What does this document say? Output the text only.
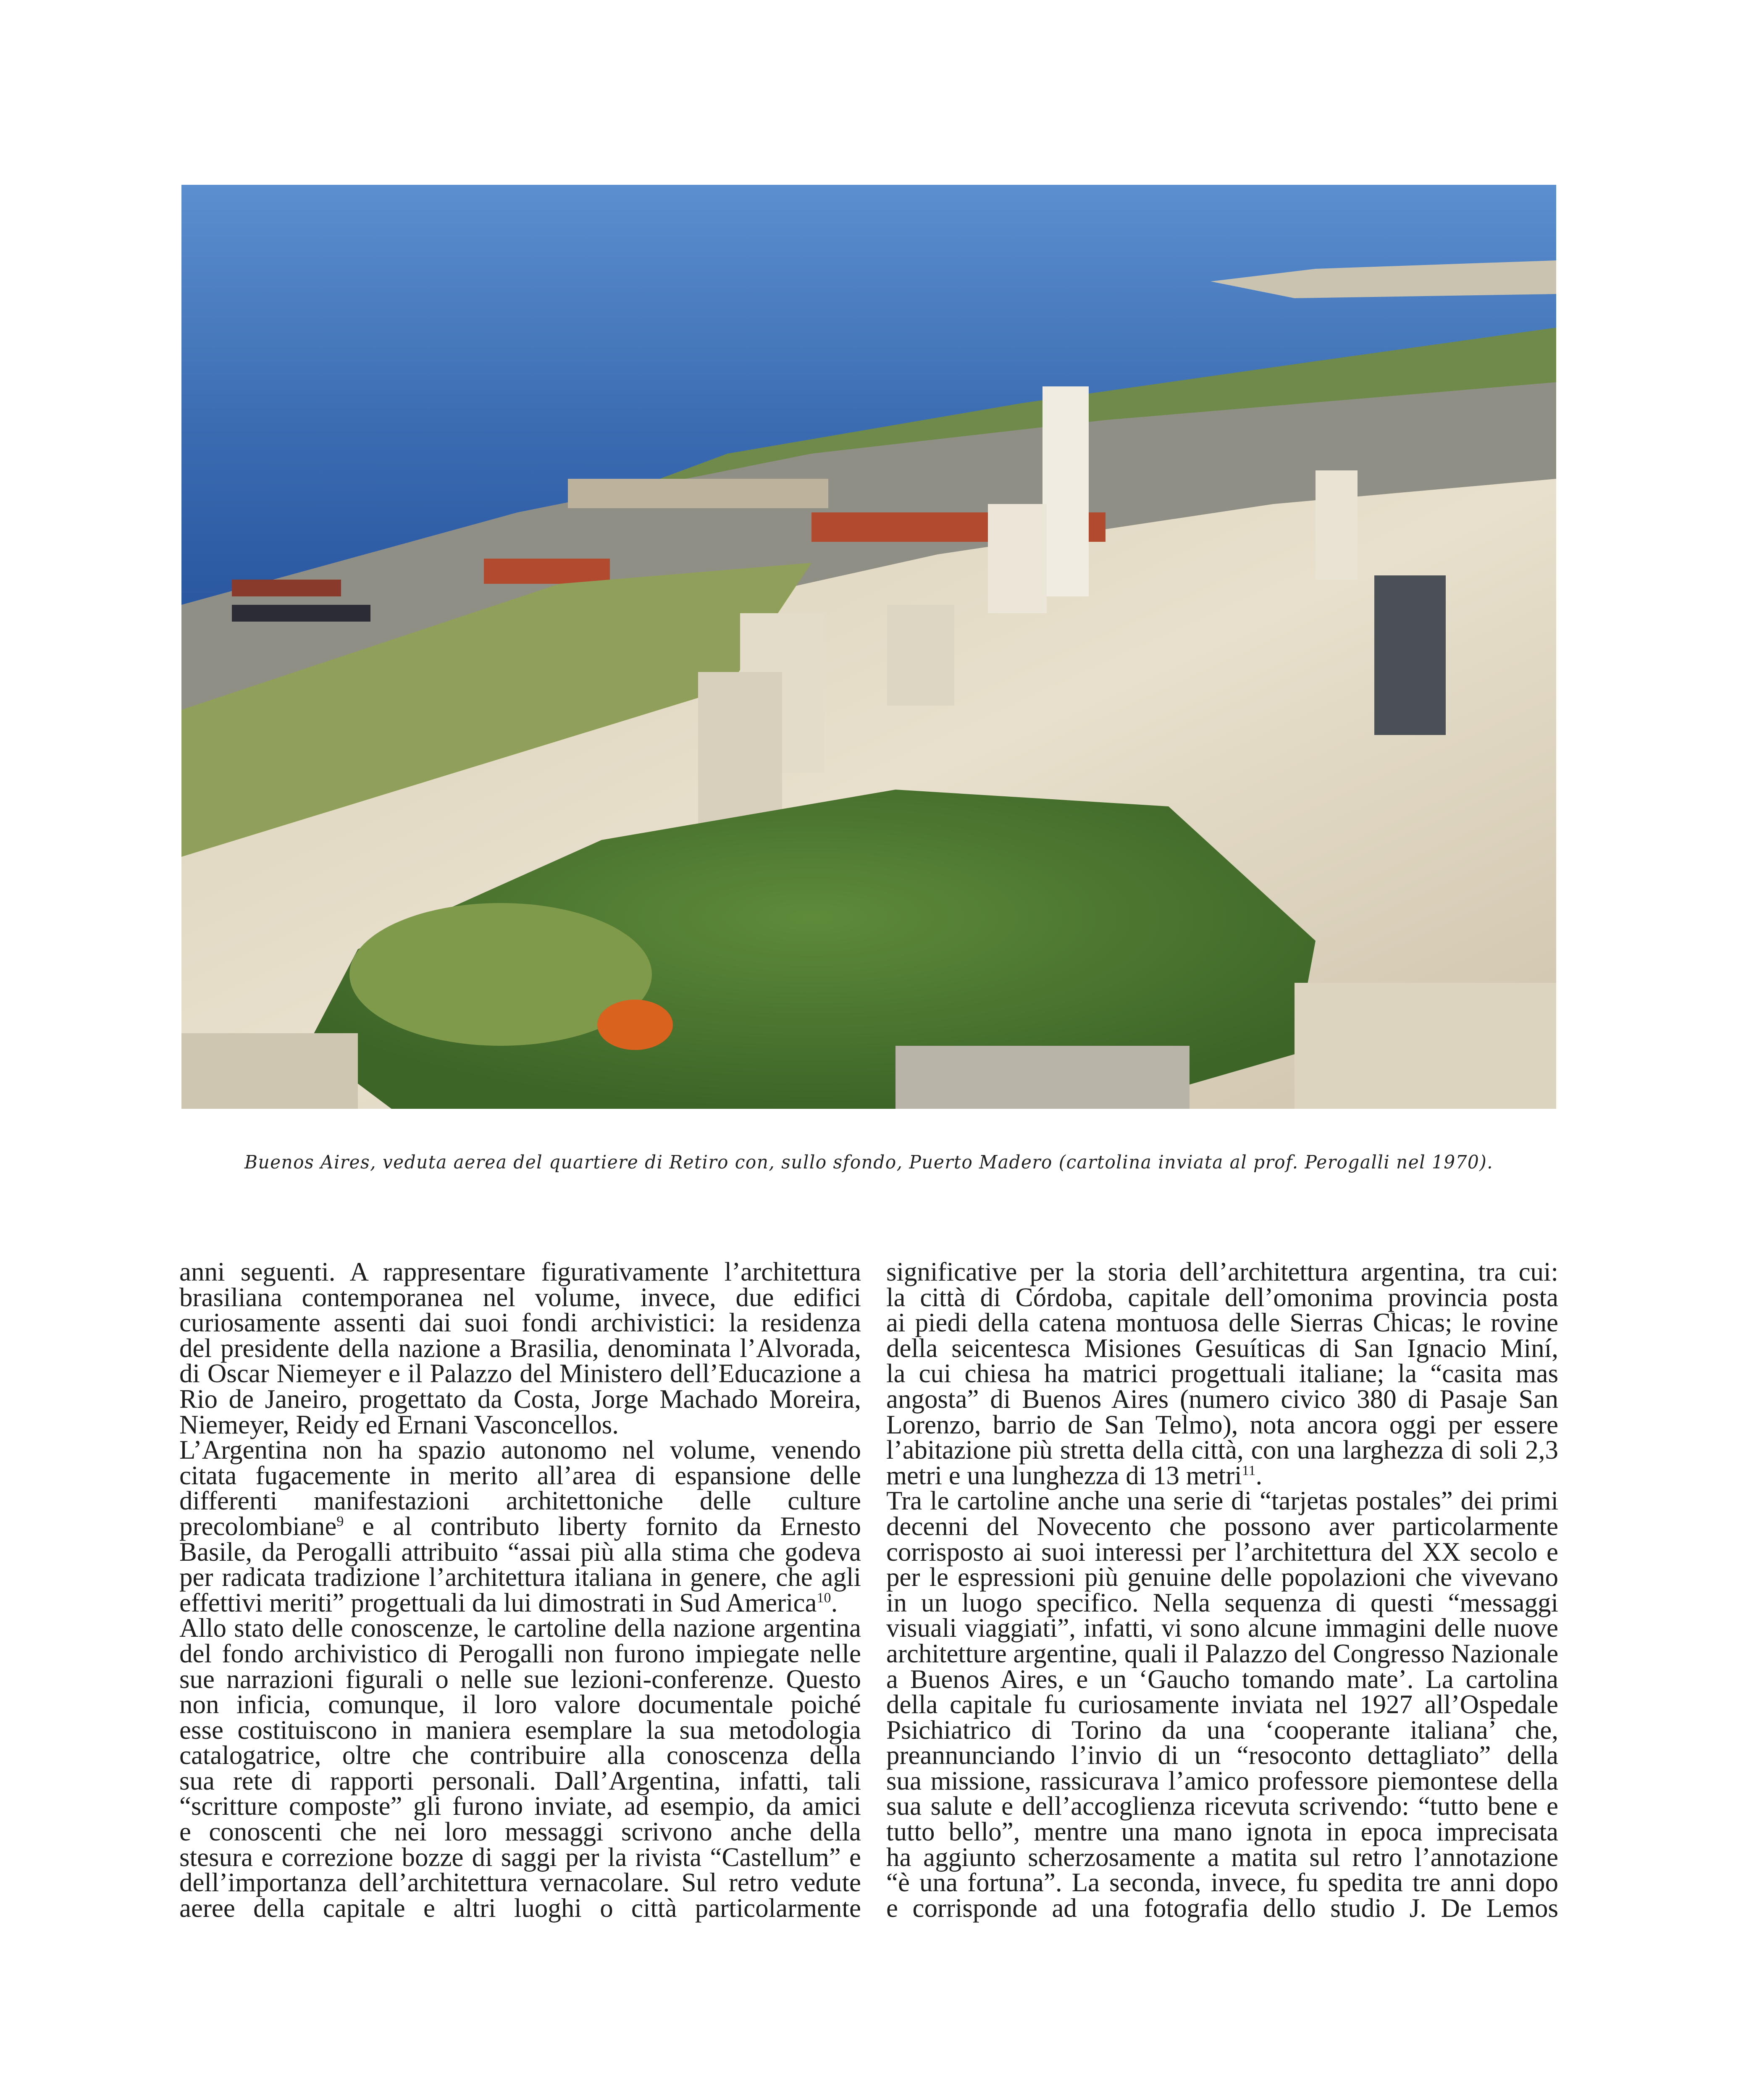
Buenos Aires, veduta aerea del quartiere di Retiro con, sullo sfondo, Puerto Madero (cartolina inviata al prof. Perogalli nel 1970).
anni seguenti. A rappresentare figurativamente l’architettura
brasiliana contemporanea nel volume, invece, due edifici
curiosamente assenti dai suoi fondi archivistici: la residenza
del presidente della nazione a Brasilia, denominata l’Alvorada,
di Oscar Niemeyer e il Palazzo del Ministero dell’Educazione a
Rio de Janeiro, progettato da Costa, Jorge Machado Moreira,
Niemeyer, Reidy ed Ernani Vasconcellos.
L’Argentina non ha spazio autonomo nel volume, venendo
citata fugacemente in merito all’area di espansione delle
differenti manifestazioni architettoniche delle culture
precolombiane$^9$ e al contributo liberty fornito da Ernesto
Basile, da Perogalli attribuito “assai più alla stima che godeva
per radicata tradizione l’architettura italiana in genere, che agli
effettivi meriti” progettuali da lui dimostrati in Sud America$^{10}$.
Allo stato delle conoscenze, le cartoline della nazione argentina
del fondo archivistico di Perogalli non furono impiegate nelle
sue narrazioni figurali o nelle sue lezioni-conferenze. Questo
non inficia, comunque, il loro valore documentale poiché
esse costituiscono in maniera esemplare la sua metodologia
catalogatrice, oltre che contribuire alla conoscenza della
sua rete di rapporti personali. Dall’Argentina, infatti, tali
“scritture composte” gli furono inviate, ad esempio, da amici
e conoscenti che nei loro messaggi scrivono anche della
stesura e correzione bozze di saggi per la rivista “Castellum” e
dell’importanza dell’architettura vernacolare. Sul retro vedute
aeree della capitale e altri luoghi o città particolarmente
significative per la storia dell’architettura argentina, tra cui:
la città di Córdoba, capitale dell’omonima provincia posta
ai piedi della catena montuosa delle Sierras Chicas; le rovine
della seicentesca Misiones Gesuíticas di San Ignacio Miní,
la cui chiesa ha matrici progettuali italiane; la “casita mas
angosta” di Buenos Aires (numero civico 380 di Pasaje San
Lorenzo, barrio de San Telmo), nota ancora oggi per essere
l’abitazione più stretta della città, con una larghezza di soli 2,3
metri e una lunghezza di 13 metri$^{11}$.
Tra le cartoline anche una serie di “tarjetas postales” dei primi
decenni del Novecento che possono aver particolarmente
corrisposto ai suoi interessi per l’architettura del XX secolo e
per le espressioni più genuine delle popolazioni che vivevano
in un luogo specifico. Nella sequenza di questi “messaggi
visuali viaggiati”, infatti, vi sono alcune immagini delle nuove
architetture argentine, quali il Palazzo del Congresso Nazionale
a Buenos Aires, e un ‘Gaucho tomando mate’. La cartolina
della capitale fu curiosamente inviata nel 1927 all’Ospedale
Psichiatrico di Torino da una ‘cooperante italiana’ che,
preannunciando l’invio di un “resoconto dettagliato” della
sua missione, rassicurava l’amico professore piemontese della
sua salute e dell’accoglienza ricevuta scrivendo: “tutto bene e
tutto bello”, mentre una mano ignota in epoca imprecisata
ha aggiunto scherzosamente a matita sul retro l’annotazione
“è una fortuna”. La seconda, invece, fu spedita tre anni dopo
e corrisponde ad una fotografia dello studio J. De Lemos
